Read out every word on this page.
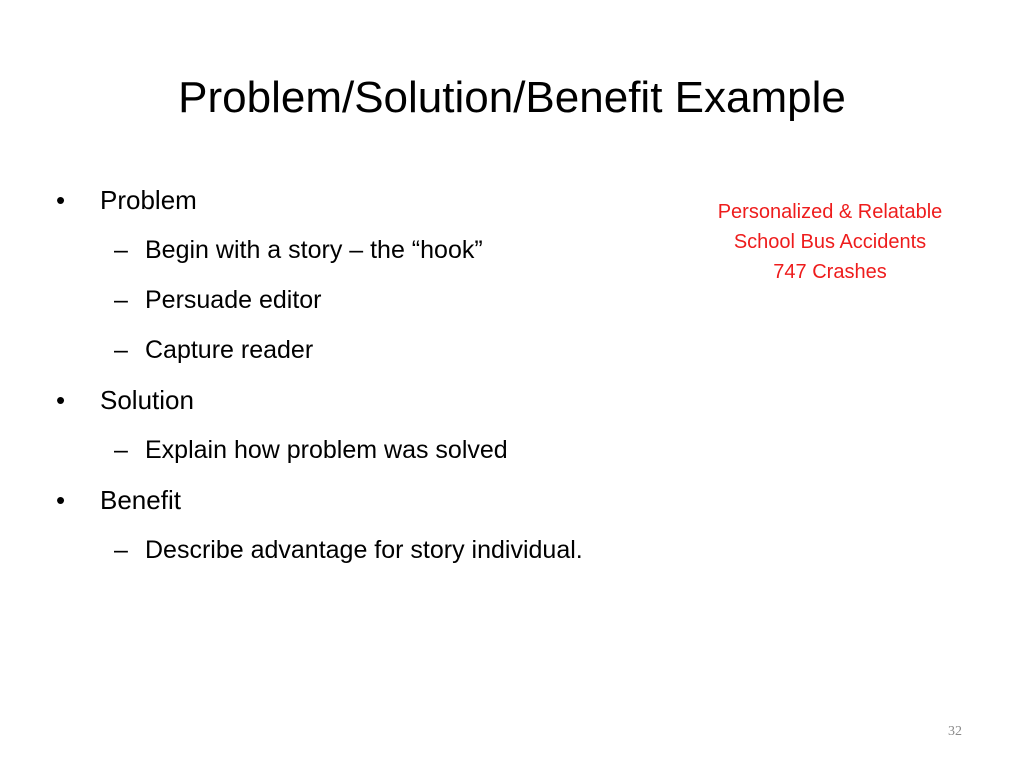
Problem/Solution/Benefit Example
•	Problem
– Begin with a story – the “hook”
– Persuade editor
– Capture reader
•	Solution
– Explain how problem was solved
•	Benefit
– Describe advantage for story individual.
Personalized & Relatable
School Bus Accidents
747 Crashes
32
